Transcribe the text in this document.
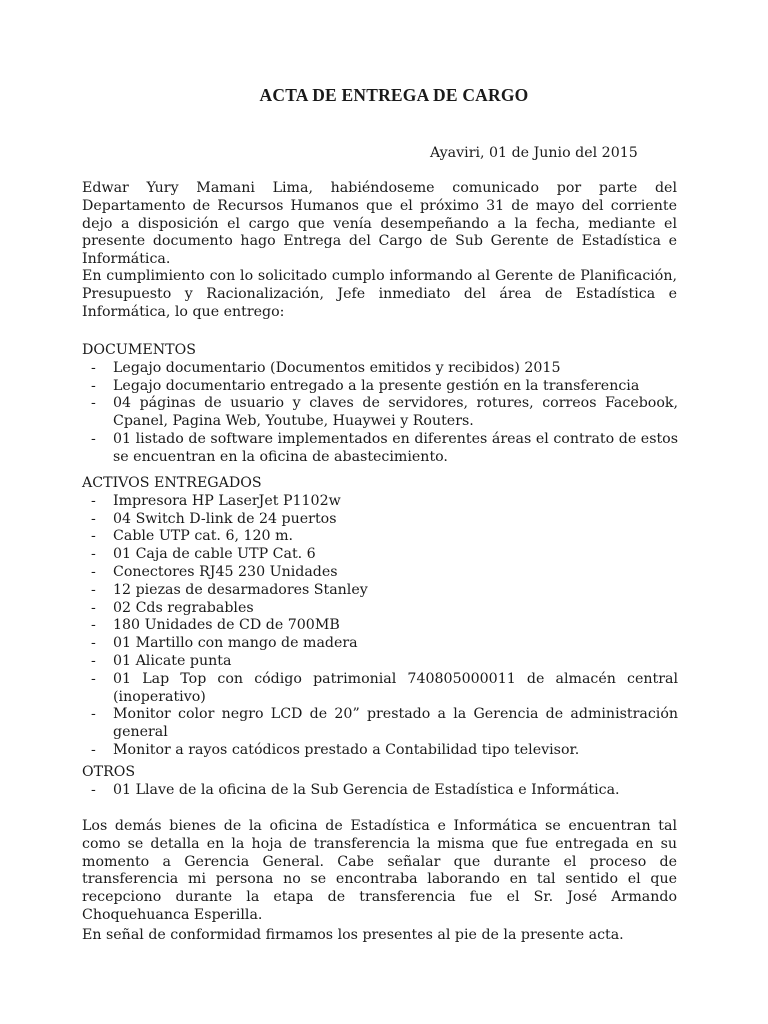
ACTA DE ENTREGA DE CARGO
Ayaviri, 01 de Junio del 2015

Edwar Yury Mamani Lima, habiéndoseme comunicado por parte del Departamento de Recursos Humanos que el próximo 31 de mayo del corriente dejo a disposición el cargo que venía desempeñando a la fecha, mediante el presente documento hago Entrega del Cargo de Sub Gerente de Estadística e Informática.

En cumplimiento con lo solicitado cumplo informando al Gerente de Planificación, Presupuesto y Racionalización, Jefe inmediato del área de Estadística e Informática, lo que entrego:

DOCUMENTOS
- Legajo documentario (Documentos emitidos y recibidos) 2015
- Legajo documentario entregado a la presente gestión en la transferencia
- 04 páginas de usuario y claves de servidores, rotures, correos Facebook, Cpanel, Pagina Web, Youtube, Huaywei y Routers.
- 01 listado de software implementados en diferentes áreas el contrato de estos se encuentran en la oficina de abastecimiento.
ACTIVOS ENTREGADOS
- Impresora HP LaserJet P1102w
- 04 Switch D-link de 24 puertos
- Cable UTP cat. 6, 120 m.
- 01 Caja de cable UTP Cat. 6
- Conectores RJ45 230 Unidades
- 12 piezas de desarmadores Stanley
- 02 Cds regrabables
- 180 Unidades de CD de 700MB
- 01 Martillo con mango de madera
- 01 Alicate punta
- 01 Lap Top con código patrimonial 740805000011 de almacén central (inoperativo)
- Monitor color negro LCD de 20” prestado a la Gerencia de administración general
- Monitor a rayos catódicos prestado a Contabilidad tipo televisor.
OTROS
- 01 Llave de la oficina de la Sub Gerencia de Estadística e Informática.

Los demás bienes de la oficina de Estadística e Informática se encuentran tal como se detalla en la hoja de transferencia la misma que fue entregada en su momento a Gerencia General. Cabe señalar que durante el proceso de transferencia mi persona no se encontraba laborando en tal sentido el que recepciono durante la etapa de transferencia fue el Sr. José Armando Choquehuanca Esperilla.

En señal de conformidad firmamos los presentes al pie de la presente acta.
